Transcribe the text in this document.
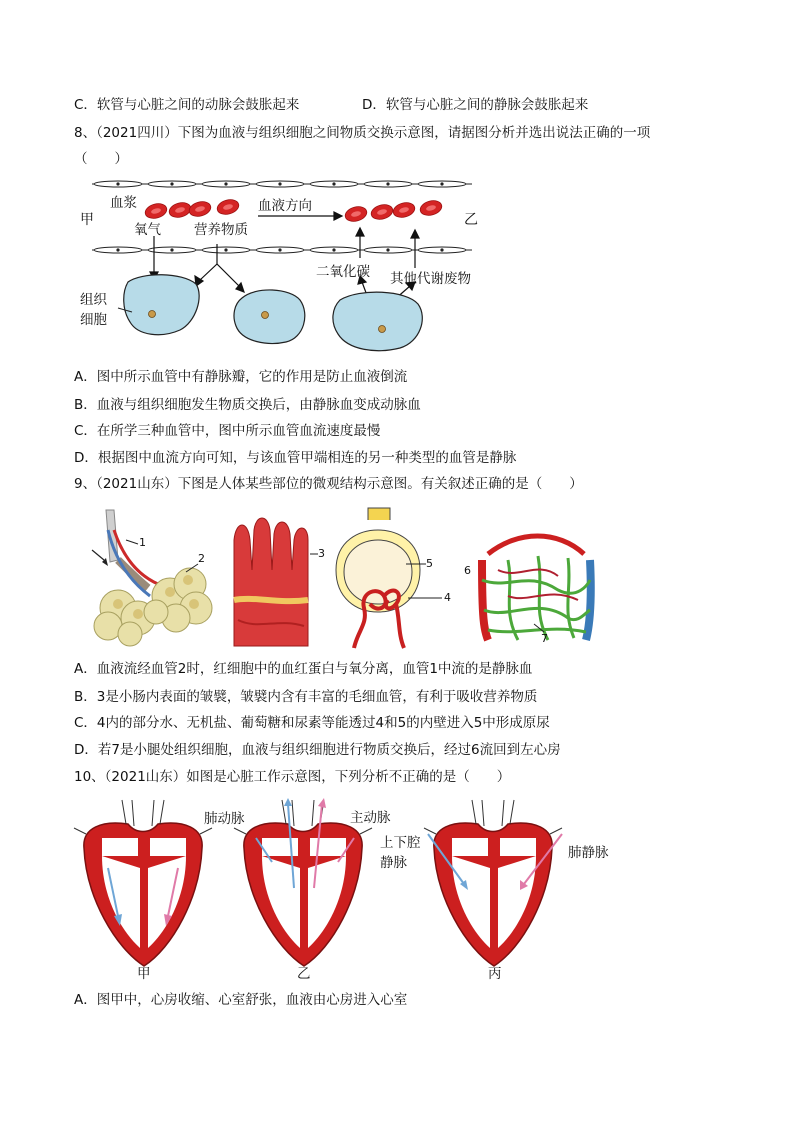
C．软管与心脏之间的动脉会鼓胀起来	D．软管与心脏之间的静脉会鼓胀起来
8、（2021四川）下图为血液与组织细胞之间物质交换示意图，请据图分析并选出说法正确的一项
（　　）
甲	乙
血浆	血液方向
氧气 营养物质
二氧化碳 其他代谢废物
组织
细胞
A．图中所示血管中有静脉瓣，它的作用是防止血液倒流
B．血液与组织细胞发生物质交换后，由静脉血变成动脉血
C．在所学三种血管中，图中所示血管血流速度最慢
D．根据图中血流方向可知，与该血管甲端相连的另一种类型的血管是静脉
9、（2021山东）下图是人体某些部位的微观结构示意图。有关叙述正确的是（　　）
1
2	3
4
5
6
7
A．血液流经血管2时，红细胞中的血红蛋白与氧分离，血管1中流的是静脉血
B．3是小肠内表面的皱襞，皱襞内含有丰富的毛细血管，有利于吸收营养物质
C．4内的部分水、无机盐、葡萄糖和尿素等能透过4和5的内壁进入5中形成原尿
D．若7是小腿处组织细胞，血液与组织细胞进行物质交换后，经过6流回到左心房
10、（2021山东）如图是心脏工作示意图，下列分析不正确的是（　　）
肺动脉	主动脉
上下腔
静脉
肺静脉
甲	乙	丙
A．图甲中，心房收缩、心室舒张，血液由心房进入心室
